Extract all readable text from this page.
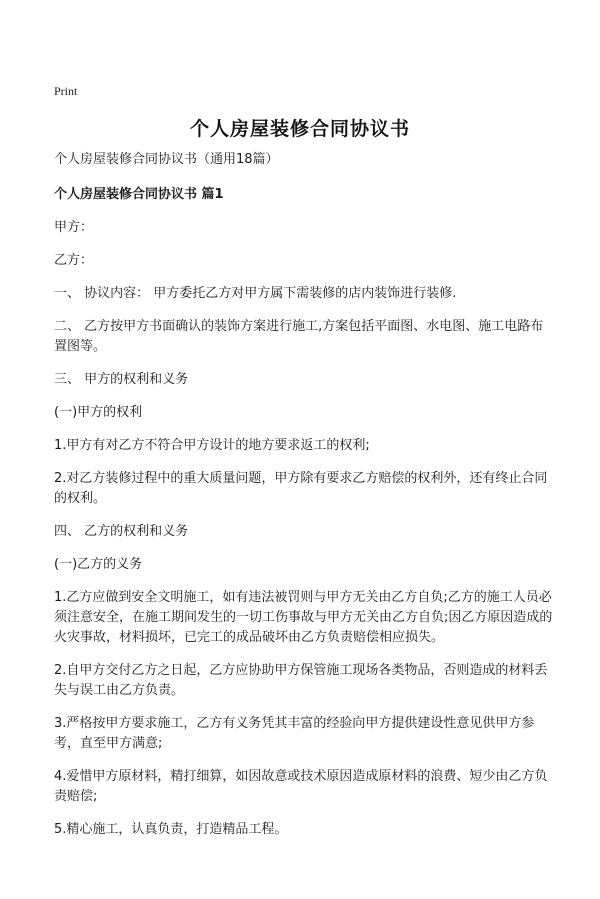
Print
个人房屋装修合同协议书

个人房屋装修合同协议书（通用18篇）

个人房屋装修合同协议书 篇1

甲方：

乙方：

一、 协议内容： 甲方委托乙方对甲方属下需装修的店内装饰进行装修.

二、 乙方按甲方书面确认的装饰方案进行施工,方案包括平面图、水电图、施工电路布置图等。

三、 甲方的权利和义务

(一)甲方的权利

1.甲方有对乙方不符合甲方设计的地方要求返工的权利;

2.对乙方装修过程中的重大质量问题，甲方除有要求乙方赔偿的权利外，还有终止合同的权利。

四、 乙方的权利和义务

(一)乙方的义务

1.乙方应做到安全文明施工，如有违法被罚则与甲方无关由乙方自负;乙方的施工人员必须注意安全，在施工期间发生的一切工伤事故与甲方无关由乙方自负;因乙方原因造成的火灾事故，材料损坏，已完工的成品破坏由乙方负责赔偿相应损失。

2.自甲方交付乙方之日起，乙方应协助甲方保管施工现场各类物品，否则造成的材料丢失与误工由乙方负责。

3.严格按甲方要求施工，乙方有义务凭其丰富的经验向甲方提供建设性意见供甲方参考，直至甲方满意;

4.爱惜甲方原材料，精打细算，如因故意或技术原因造成原材料的浪费、短少由乙方负责赔偿;

5.精心施工，认真负责，打造精品工程。
